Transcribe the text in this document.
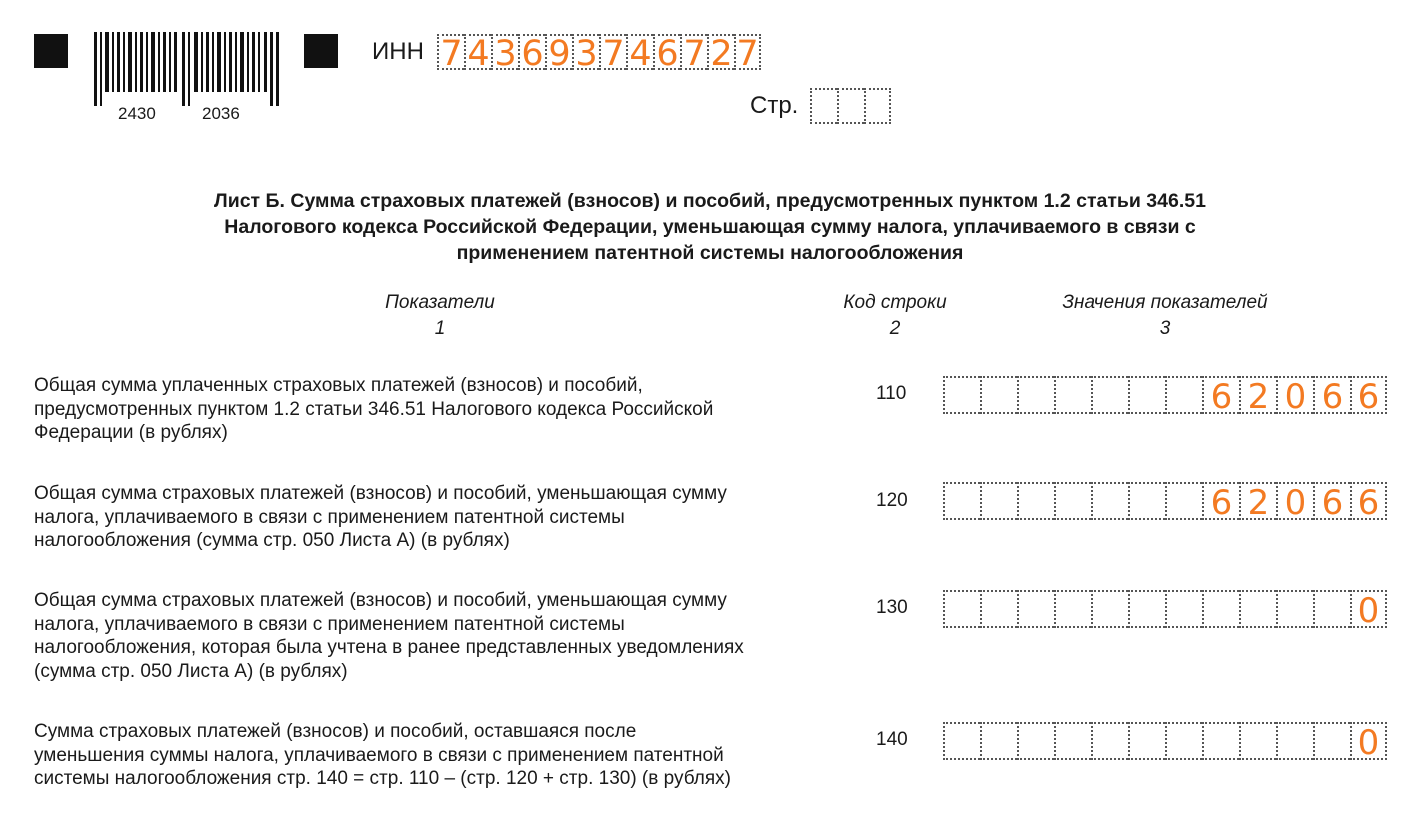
2430	2036
ИНН 7 4 3 6 9 3 7 4 6 7 2 7
Стр.
Лист Б. Сумма страховых платежей (взносов) и пособий, предусмотренных пунктом 1.2 статьи 346.51
Налогового кодекса Российской Федерации, уменьшающая сумму налога, уплачиваемого в связи с
применением патентной системы налогообложения
Показатели
1
Код строки
2
Значения показателей
3
Общая сумма уплаченных страховых платежей (взносов) и пособий,
предусмотренных пунктом 1.2 статьи 346.51 Налогового кодекса Российской
Федерации (в рублях)
110	6 2 0 6 6
Общая сумма страховых платежей (взносов) и пособий, уменьшающая сумму
налога, уплачиваемого в связи с применением патентной системы
налогообложения (сумма стр. 050 Листа А) (в рублях)
120	6 2 0 6 6
Общая сумма страховых платежей (взносов) и пособий, уменьшающая сумму
налога, уплачиваемого в связи с применением патентной системы
налогообложения, которая была учтена в ранее представленных уведомлениях
(сумма стр. 050 Листа А) (в рублях)
130	0
Сумма страховых платежей (взносов) и пособий, оставшаяся после
уменьшения суммы налога, уплачиваемого в связи с применением патентной
системы налогообложения стр. 140 = стр. 110 – (стр. 120 + стр. 130) (в рублях)
140	0
